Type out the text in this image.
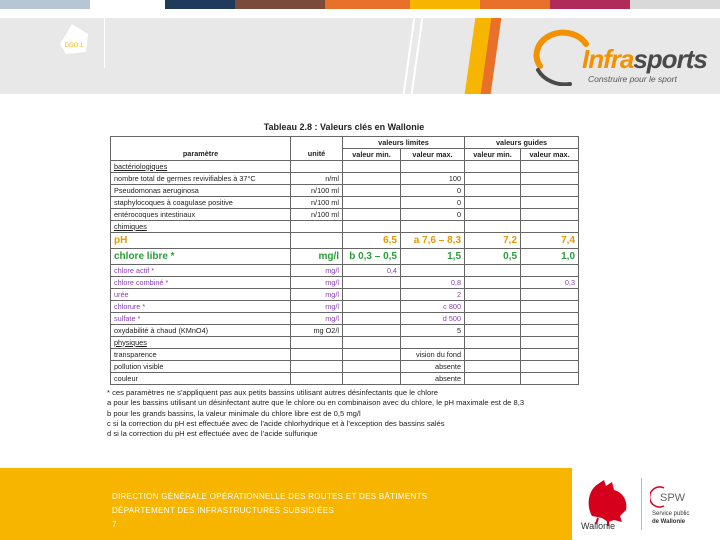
Infrasports
Construire pour le sport
Tableau 2.8 : Valeurs clés en Wallonie
		valeurs limites		valeurs guides	
paramètre	unité	valeur min.	valeur max.	valeur min.	valeur max.
bactériologiques					
nombre total de germes revivifiables à 37°C	n/ml		100		
Pseudomonas aeruginosa	n/100 ml		0		
staphylocoques à coagulase positive	n/100 ml		0		
entérocoques intestinaux	n/100 ml		0		
chimiques					
pH		6,5	a 7,6 – 8,3	7,2	7,4
chlore libre *	mg/l	b 0,3 – 0,5	1,5	0,5	1,0
chlore actif *	mg/l	0,4			
chlore combiné *	mg/l		0,8		0,3
urée	mg/l		2		
chlorure *	mg/l		c 800		
sulfate *	mg/l		d 500		
oxydabilité à chaud (KMnO4)	mg O2/l		5		
physiques					
transparence			vision du fond		
pollution visible			absente		
couleur			absente		
* ces paramètres ne s’appliquent pas aux petits bassins utilisant autres désinfectants que le chlore
a pour les bassins utilisant un désinfectant autre que le chlore ou en combinaison avec du chlore, le pH maximale est de 8,3
b pour les grands bassins, la valeur minimale du chlore libre est de 0,5 mg/l
c si la correction du pH est effectuée avec de l’acide chlorhydrique et à l’exception des bassins salés
d si la correction du pH est effectuée avec de l’acide sulfurique
DGO 1
DIRECTION GÉNÉRALE OPÉRATIONNELLE DES ROUTES ET DES BÂTIMENTS
DÉPARTEMENT DES INFRASTRUCTURES SUBSIDIÉES
7	Wallonie
SPW
Service public
de Wallonie
